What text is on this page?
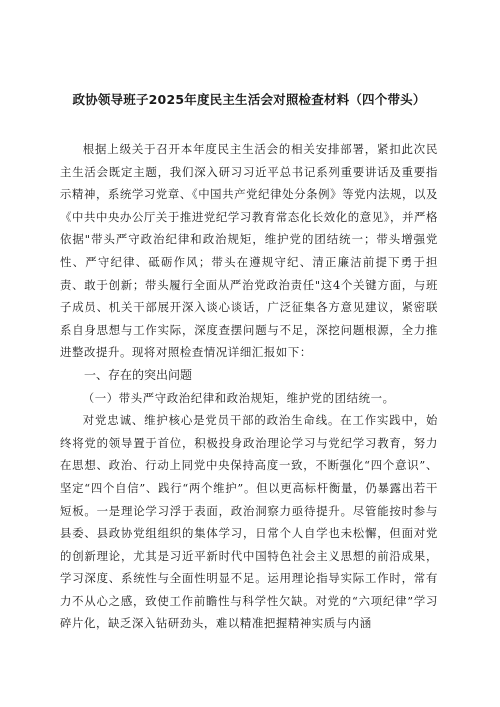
政协领导班子2025年度民主生活会对照检查材料（四个带头）

根据上级关于召开本年度民主生活会的相关安排部署，紧扣此次民主生活会既定主题，我们深入研习习近平总书记系列重要讲话及重要指示精神，系统学习党章、《中国共产党纪律处分条例》等党内法规，以及《中共中央办公厅关于推进党纪学习教育常态化长效化的意见》，并严格依据"带头严守政治纪律和政治规矩，维护党的团结统一；带头增强党性、严守纪律、砥砺作风；带头在遵规守纪、清正廉洁前提下勇于担责、敢于创新；带头履行全面从严治党政治责任"这4个关键方面，与班子成员、机关干部展开深入谈心谈话，广泛征集各方意见建议，紧密联系自身思想与工作实际，深度查摆问题与不足，深挖问题根源，全力推进整改提升。现将对照检查情况详细汇报如下：

一、存在的突出问题

（一）带头严守政治纪律和政治规矩，维护党的团结统一。

对党忠诚、维护核心是党员干部的政治生命线。在工作实践中，始终将党的领导置于首位，积极投身政治理论学习与党纪学习教育，努力在思想、政治、行动上同党中央保持高度一致，不断强化“四个意识”、坚定“四个自信”、践行“两个维护”。但以更高标杆衡量，仍暴露出若干短板。一是理论学习浮于表面，政治洞察力亟待提升。尽管能按时参与县委、县政协党组组织的集体学习，日常个人自学也未松懈，但面对党的创新理论，尤其是习近平新时代中国特色社会主义思想的前沿成果，学习深度、系统性与全面性明显不足。运用理论指导实际工作时，常有力不从心之感，致使工作前瞻性与科学性欠缺。对党的“六项纪律”学习碎片化，缺乏深入钻研劲头，难以精准把握精神实质与内涵
